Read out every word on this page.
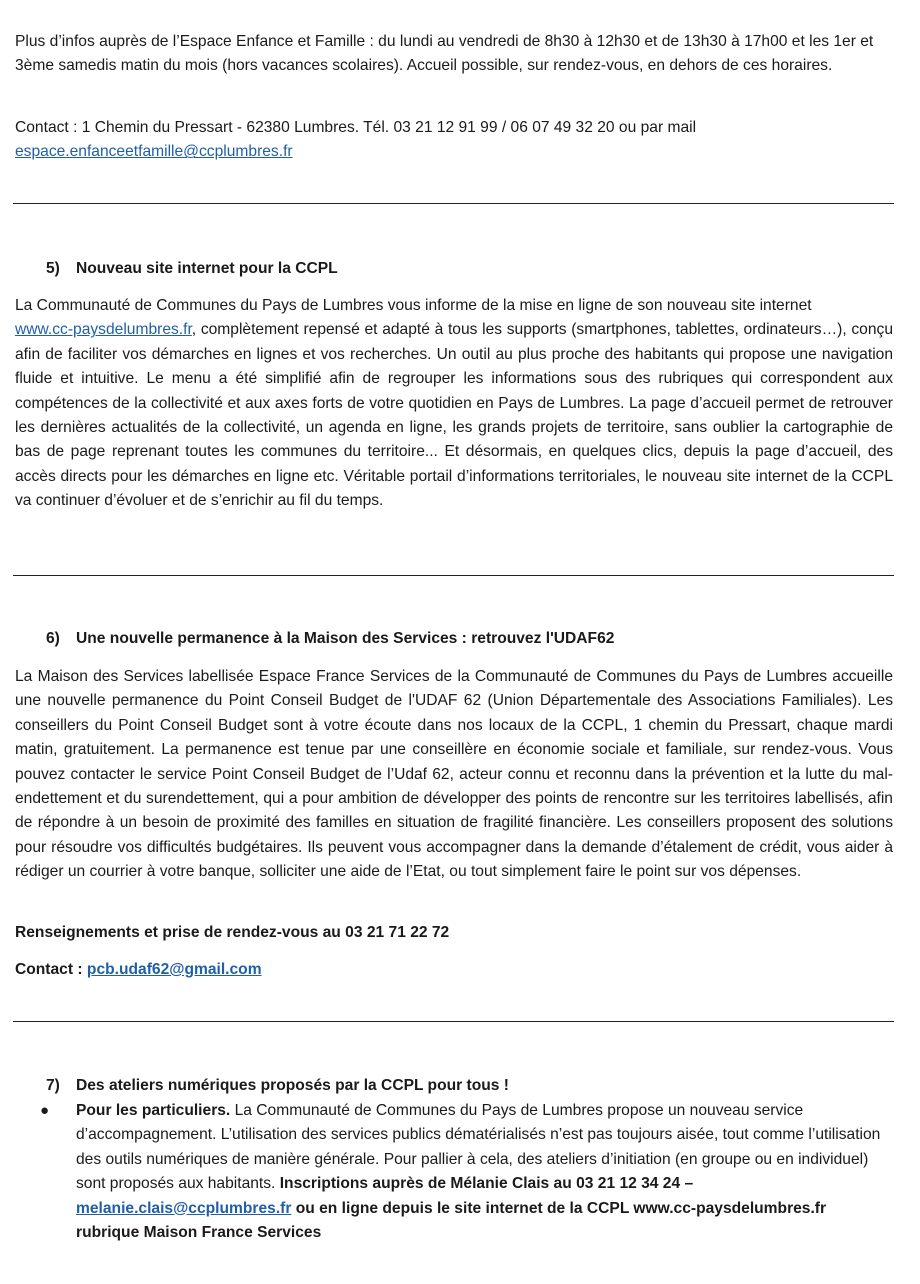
Plus d’infos auprès de l’Espace Enfance et Famille : du lundi au vendredi de 8h30 à 12h30 et de 13h30 à 17h00 et les 1er et 3ème samedis matin du mois (hors vacances scolaires). Accueil possible, sur rendez-vous, en dehors de ces horaires.

Contact : 1 Chemin du Pressart - 62380 Lumbres. Tél. 03 21 12 91 99 / 06 07 49 32 20 ou par mail
espace.enfanceetfamille@ccplumbres.fr

5) Nouveau site internet pour la CCPL

La Communauté de Communes du Pays de Lumbres vous informe de la mise en ligne de son nouveau site internet
www.cc-paysdelumbres.fr, complètement repensé et adapté à tous les supports (smartphones, tablettes, ordinateurs…), conçu afin de faciliter vos démarches en lignes et vos recherches. Un outil au plus proche des habitants qui propose une navigation fluide et intuitive. Le menu a été simplifié afin de regrouper les informations sous des rubriques qui correspondent aux compétences de la collectivité et aux axes forts de votre quotidien en Pays de Lumbres. La page d’accueil permet de retrouver les dernières actualités de la collectivité, un agenda en ligne, les grands projets de territoire, sans oublier la cartographie de bas de page reprenant toutes les communes du territoire... Et désormais, en quelques clics, depuis la page d’accueil, des accès directs pour les démarches en ligne etc. Véritable portail d’informations territoriales, le nouveau site internet de la CCPL va continuer d’évoluer et de s’enrichir au fil du temps.

6) Une nouvelle permanence à la Maison des Services : retrouvez l'UDAF62

La Maison des Services labellisée Espace France Services de la Communauté de Communes du Pays de Lumbres accueille une nouvelle permanence du Point Conseil Budget de l'UDAF 62 (Union Départementale des Associations Familiales). Les conseillers du Point Conseil Budget sont à votre écoute dans nos locaux de la CCPL, 1 chemin du Pressart, chaque mardi matin, gratuitement. La permanence est tenue par une conseillère en économie sociale et familiale, sur rendez-vous. Vous pouvez contacter le service Point Conseil Budget de l’Udaf 62, acteur connu et reconnu dans la prévention et la lutte du mal-endettement et du surendettement, qui a pour ambition de développer des points de rencontre sur les territoires labellisés, afin de répondre à un besoin de proximité des familles en situation de fragilité financière. Les conseillers proposent des solutions pour résoudre vos difficultés budgétaires. Ils peuvent vous accompagner dans la demande d’étalement de crédit, vous aider à rédiger un courrier à votre banque, solliciter une aide de l’Etat, ou tout simplement faire le point sur vos dépenses.

Renseignements et prise de rendez-vous au 03 21 71 22 72

Contact : pcb.udaf62@gmail.com

7) Des ateliers numériques proposés par la CCPL pour tous !

●	Pour les particuliers. La Communauté de Communes du Pays de Lumbres propose un nouveau service d’accompagnement. L’utilisation des services publics dématérialisés n’est pas toujours aisée, tout comme l’utilisation des outils numériques de manière générale. Pour pallier à cela, des ateliers d’initiation (en groupe ou en individuel) sont proposés aux habitants. Inscriptions auprès de Mélanie Clais au 03 21 12 34 24 – melanie.clais@ccplumbres.fr ou en ligne depuis le site internet de la CCPL www.cc-paysdelumbres.fr rubrique Maison France Services
